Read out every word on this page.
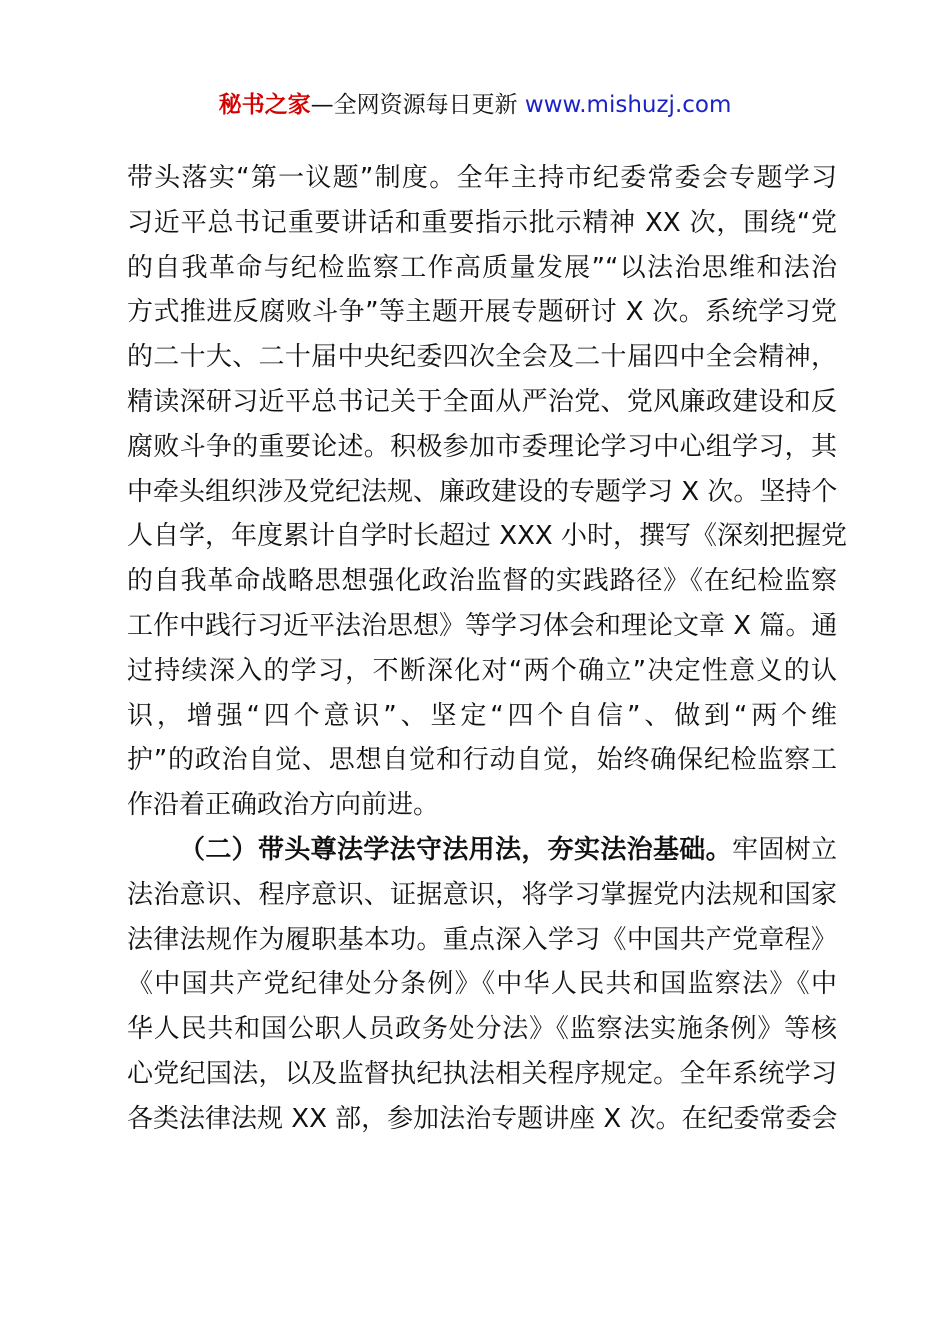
秘书之家—全网资源每日更新 www.mishuzj.com
带头落实“第一议题”制度。全年主持市纪委常委会专题学习
习近平总书记重要讲话和重要指示批示精神 XX 次，围绕“党
的自我革命与纪检监察工作高质量发展”“以法治思维和法治
方式推进反腐败斗争”等主题开展专题研讨 X 次。系统学习党
的二十大、二十届中央纪委四次全会及二十届四中全会精神，
精读深研习近平总书记关于全面从严治党、党风廉政建设和反
腐败斗争的重要论述。积极参加市委理论学习中心组学习，其
中牵头组织涉及党纪法规、廉政建设的专题学习 X 次。坚持个
人自学，年度累计自学时长超过 XXX 小时，撰写《深刻把握党
的自我革命战略思想强化政治监督的实践路径》《在纪检监察
工作中践行习近平法治思想》等学习体会和理论文章 X 篇。通
过持续深入的学习，不断深化对“两个确立”决定性意义的认
识，增强“四个意识”、坚定“四个自信”、做到“两个维
护”的政治自觉、思想自觉和行动自觉，始终确保纪检监察工
作沿着正确政治方向前进。
（二）带头尊法学法守法用法，夯实法治基础。牢固树立
法治意识、程序意识、证据意识，将学习掌握党内法规和国家
法律法规作为履职基本功。重点深入学习《中国共产党章程》
《中国共产党纪律处分条例》《中华人民共和国监察法》《中
华人民共和国公职人员政务处分法》《监察法实施条例》等核
心党纪国法，以及监督执纪执法相关程序规定。全年系统学习
各类法律法规 XX 部，参加法治专题讲座 X 次。在纪委常委会
